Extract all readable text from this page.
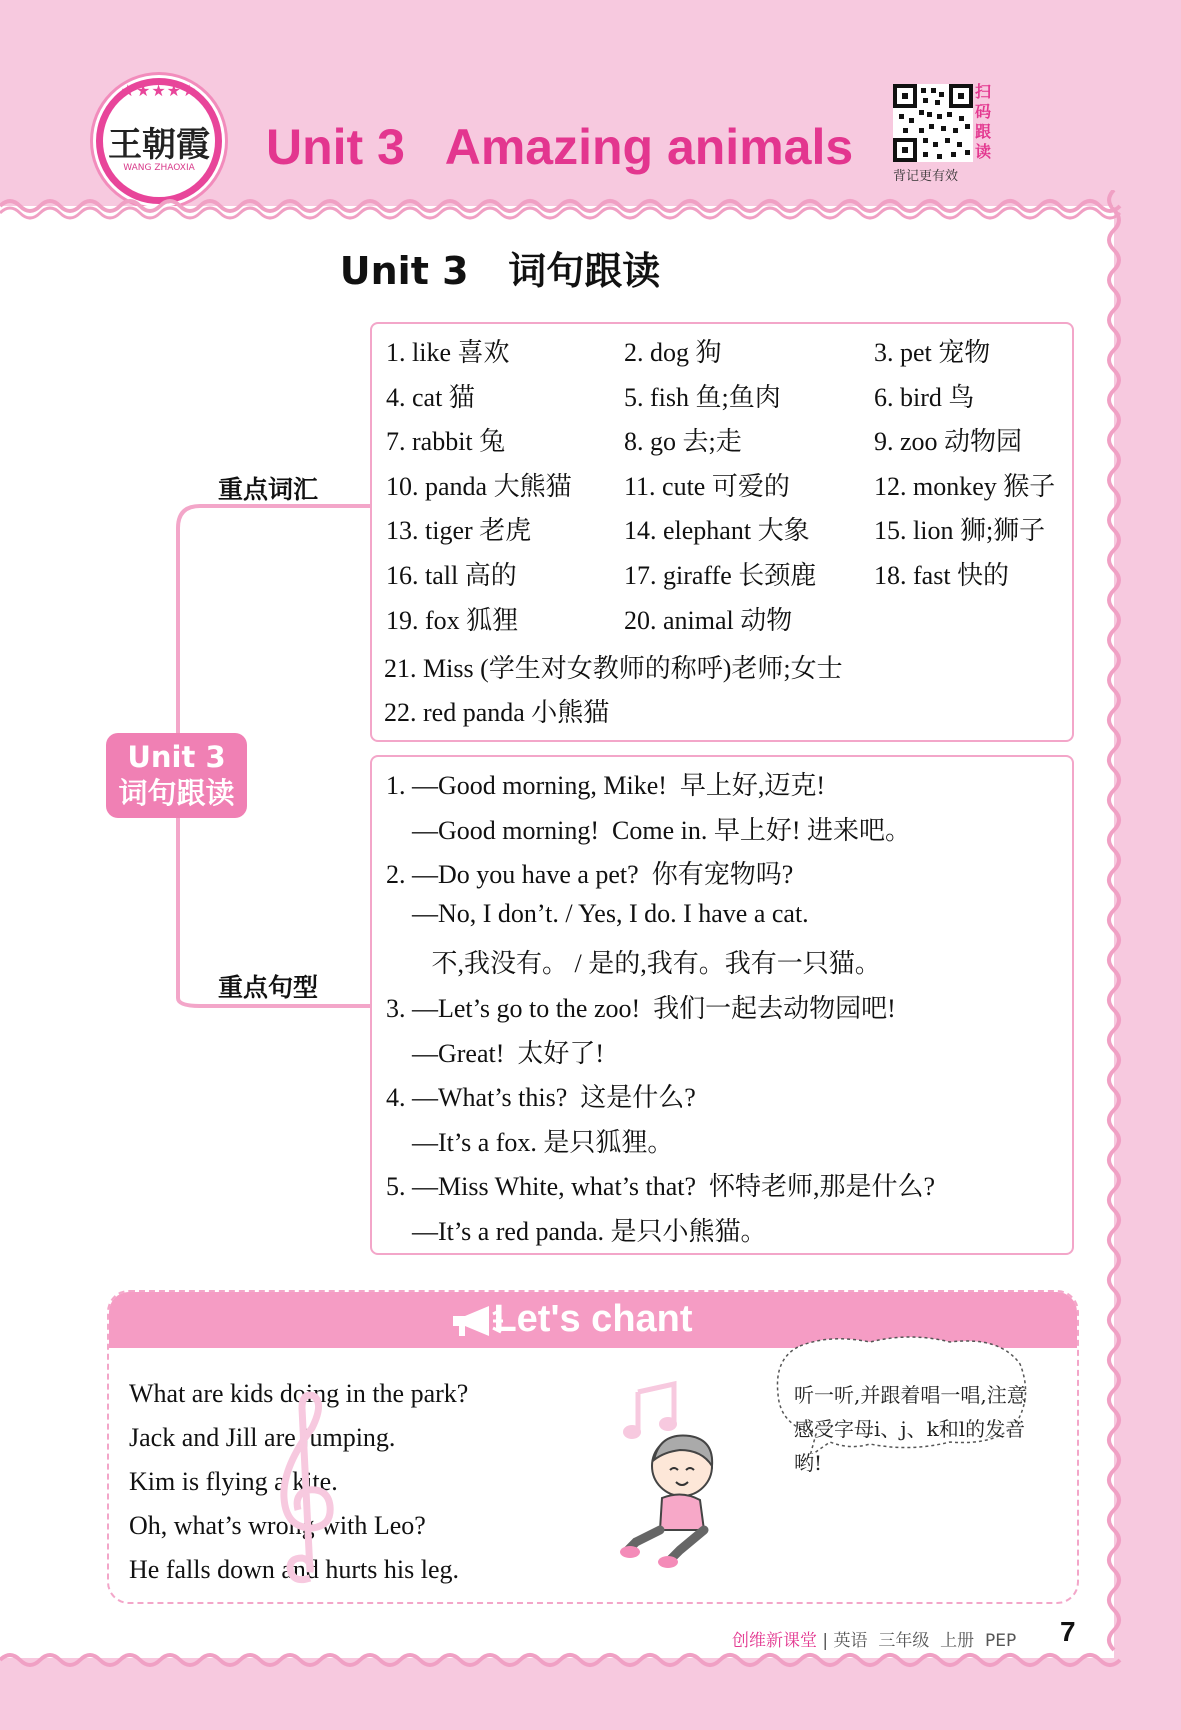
★★★★★
王朝霞
WANG ZHAOXIA	Unit 3   Amazing animals
扫
码
跟
读
背记更有效
Unit 3   词句跟读
重点词汇
重点句型
Unit 3
词句跟读
1. like 喜欢	2. dog 狗	3. pet 宠物
4. cat 猫	5. fish 鱼;鱼肉	6. bird 鸟
7. rabbit 兔	8. go 去;走	9. zoo 动物园
10. panda 大熊猫 11. cute 可爱的	12. monkey 猴子
13. tiger 老虎	14. elephant 大象 15. lion 狮;狮子
16. tall 高的	17. giraffe 长颈鹿 18. fast 快的
19. fox 狐狸	20. animal 动物
21. Miss (学生对女教师的称呼)老师;女士
22. red panda 小熊猫
1. —Good morning, Mike!  早上好,迈克!
—Good morning!  Come in. 早上好! 进来吧。
2. —Do you have a pet?  你有宠物吗?
—No, I don’t. / Yes, I do. I have a cat.
不,我没有。 / 是的,我有。我有一只猫。
3. —Let’s go to the zoo!  我们一起去动物园吧!
—Great!  太好了!
4. —What’s this?  这是什么?
—It’s a fox. 是只狐狸。
5. —Miss White, what’s that?  怀特老师,那是什么?
—It’s a red panda. 是只小熊猫。
Let's chant
What are kids doing in the park?
Jack and Jill are jumping.
Kim is flying a kite.
Oh, what’s wrong with Leo?
He falls down and hurts his leg.
听一听,并跟着唱一唱,注意感受字母i、j、k和l的发音哟!
创维新课堂 | 英语  三年级  上册  PEP 7
